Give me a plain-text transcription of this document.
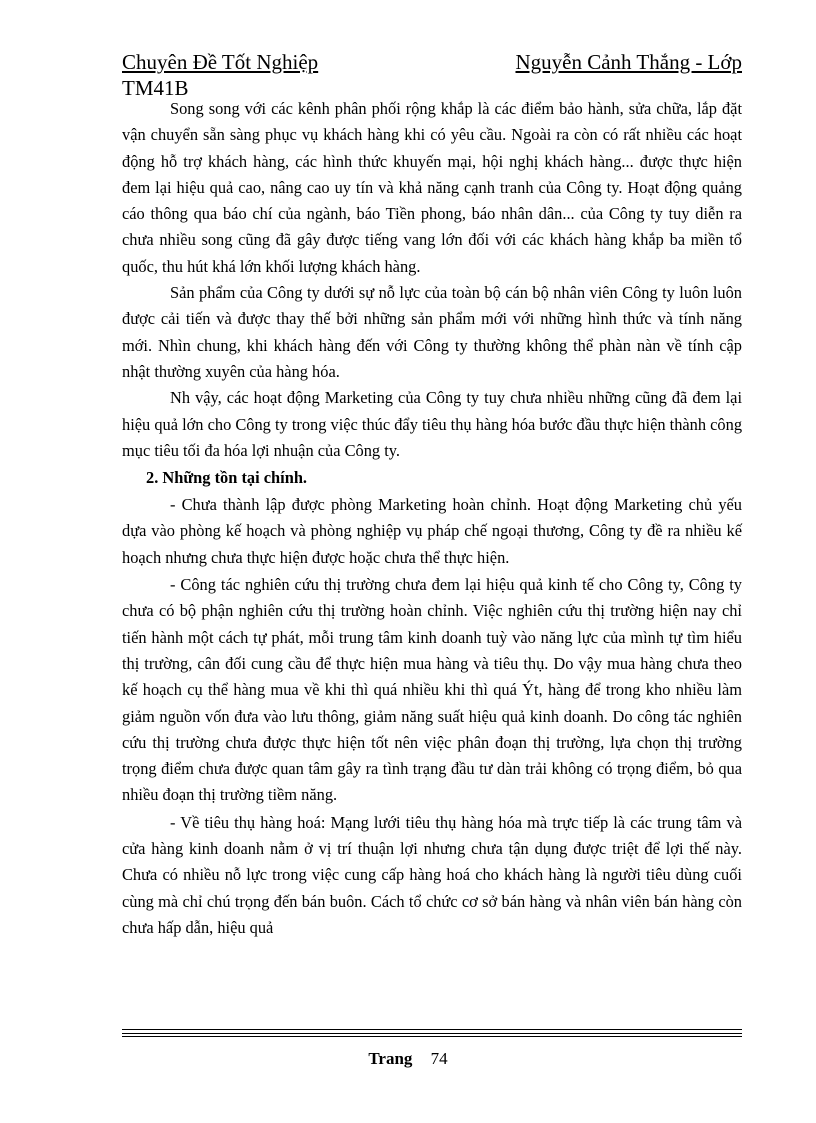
Chuyên Đề Tốt Nghiệp	Nguyễn Cảnh Thắng - Lớp
TM41B

Song song với các kênh phân phối rộng khắp là các điểm bảo hành, sửa chữa, lắp đặt vận chuyển sẵn sàng phục vụ khách hàng khi có yêu cầu. Ngoài ra còn có rất nhiều các hoạt động hỗ trợ khách hàng, các hình thức khuyến mại, hội nghị khách hàng... được thực hiện đem lại hiệu quả cao, nâng cao uy tín và khả năng cạnh tranh của Công ty. Hoạt động quảng cáo thông qua báo chí của ngành, báo Tiền phong, báo nhân dân... của Công ty tuy diễn ra chưa nhiều song cũng đã gây được tiếng vang lớn đối với các khách hàng khắp ba miền tổ quốc, thu hút khá lớn khối lượng khách hàng.

Sản phẩm của Công ty dưới sự nỗ lực của toàn bộ cán bộ nhân viên Công ty luôn luôn được cải tiến và được thay thế bởi những sản phẩm mới với những hình thức và tính năng mới. Nhìn chung, khi khách hàng đến với Công ty thường không thể phàn nàn về tính cập nhật thường xuyên của hàng hóa.

Nh vậy, các hoạt động Marketing của Công ty tuy chưa nhiều những cũng đã đem lại hiệu quả lớn cho Công ty trong việc thúc đẩy tiêu thụ hàng hóa bước đầu thực hiện thành công mục tiêu tối đa hóa lợi nhuận của Công ty.

2. Những tồn tại chính.

- Chưa thành lập được phòng Marketing hoàn chỉnh. Hoạt động Marketing chủ yếu dựa vào phòng kế hoạch và phòng nghiệp vụ pháp chế ngoại thương, Công ty đề ra nhiều kế hoạch nhưng chưa thực hiện được hoặc chưa thể thực hiện.

- Công tác nghiên cứu thị trường chưa đem lại hiệu quả kinh tế cho Công ty, Công ty chưa có bộ phận nghiên cứu thị trường hoàn chỉnh. Việc nghiên cứu thị trường hiện nay chỉ tiến hành một cách tự phát, mỗi trung tâm kinh doanh tuỳ vào năng lực của mình tự tìm hiểu thị trường, cân đối cung cầu để thực hiện mua hàng và tiêu thụ. Do vậy mua hàng chưa theo kế hoạch cụ thể hàng mua về khi thì quá nhiều khi thì quá Ýt, hàng để trong kho nhiều làm giảm nguồn vốn đưa vào lưu thông, giảm năng suất hiệu quả kinh doanh. Do công tác nghiên cứu thị trường chưa được thực hiện tốt nên việc phân đoạn thị trường, lựa chọn thị trường trọng điểm chưa được quan tâm gây ra tình trạng đầu tư dàn trải không có trọng điểm, bỏ qua nhiều đoạn thị trường tiềm năng.

- Về tiêu thụ hàng hoá: Mạng lưới tiêu thụ hàng hóa mà trực tiếp là các trung tâm và cửa hàng kinh doanh nằm ở vị trí thuận lợi nhưng chưa tận dụng được triệt để lợi thế này. Chưa có nhiều nỗ lực trong việc cung cấp hàng hoá cho khách hàng là người tiêu dùng cuối cùng mà chỉ chú trọng đến bán buôn. Cách tổ chức cơ sở bán hàng và nhân viên bán hàng còn chưa hấp dẫn, hiệu quả

Trang 74
